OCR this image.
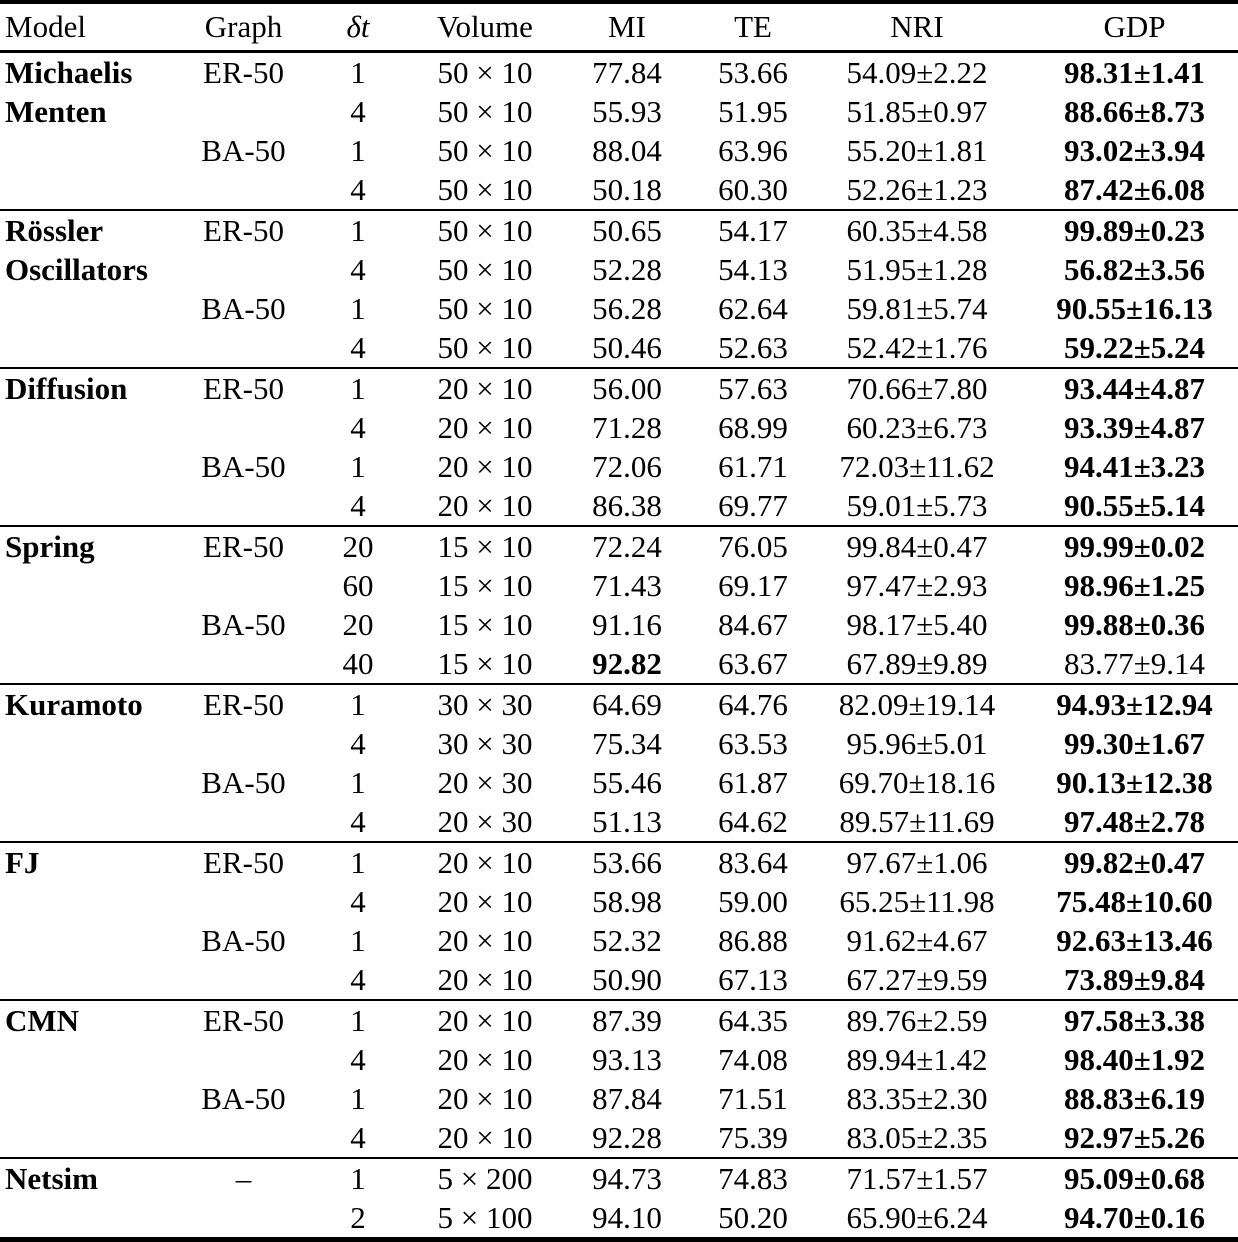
Model	Graph	δt	Volume	MI	TE	NRI	GDP

Michaelis
Menten	ER-50	1	50 × 10	77.84	53.66	54.09±2.22	98.31±1.41
		4	50 × 10	55.93	51.95	51.85±0.97	88.66±8.73
	BA-50	1	50 × 10	88.04	63.96	55.20±1.81	93.02±3.94
		4	50 × 10	50.18	60.30	52.26±1.23	87.42±6.08

Rössler
Oscillators	ER-50	1	50 × 10	50.65	54.17	60.35±4.58	99.89±0.23
		4	50 × 10	52.28	54.13	51.95±1.28	56.82±3.56
	BA-50	1	50 × 10	56.28	62.64	59.81±5.74	90.55±16.13
		4	50 × 10	50.46	52.63	52.42±1.76	59.22±5.24

Diffusion	ER-50	1	20 × 10	56.00	57.63	70.66±7.80	93.44±4.87
		4	20 × 10	71.28	68.99	60.23±6.73	93.39±4.87
	BA-50	1	20 × 10	72.06	61.71	72.03±11.62	94.41±3.23
		4	20 × 10	86.38	69.77	59.01±5.73	90.55±5.14

Spring	ER-50	20	15 × 10	72.24	76.05	99.84±0.47	99.99±0.02
		60	15 × 10	71.43	69.17	97.47±2.93	98.96±1.25
	BA-50	20	15 × 10	91.16	84.67	98.17±5.40	99.88±0.36
		40	15 × 10	92.82	63.67	67.89±9.89	83.77±9.14

Kuramoto	ER-50	1	30 × 30	64.69	64.76	82.09±19.14	94.93±12.94
		4	30 × 30	75.34	63.53	95.96±5.01	99.30±1.67
	BA-50	1	20 × 30	55.46	61.87	69.70±18.16	90.13±12.38
		4	20 × 30	51.13	64.62	89.57±11.69	97.48±2.78

FJ	ER-50	1	20 × 10	53.66	83.64	97.67±1.06	99.82±0.47
		4	20 × 10	58.98	59.00	65.25±11.98	75.48±10.60
	BA-50	1	20 × 10	52.32	86.88	91.62±4.67	92.63±13.46
		4	20 × 10	50.90	67.13	67.27±9.59	73.89±9.84

CMN	ER-50	1	20 × 10	87.39	64.35	89.76±2.59	97.58±3.38
		4	20 × 10	93.13	74.08	89.94±1.42	98.40±1.92
	BA-50	1	20 × 10	87.84	71.51	83.35±2.30	88.83±6.19
		4	20 × 10	92.28	75.39	83.05±2.35	92.97±5.26

Netsim	–	1	5 × 200	94.73	74.83	71.57±1.57	95.09±0.68
		2	5 × 100	94.10	50.20	65.90±6.24	94.70±0.16
